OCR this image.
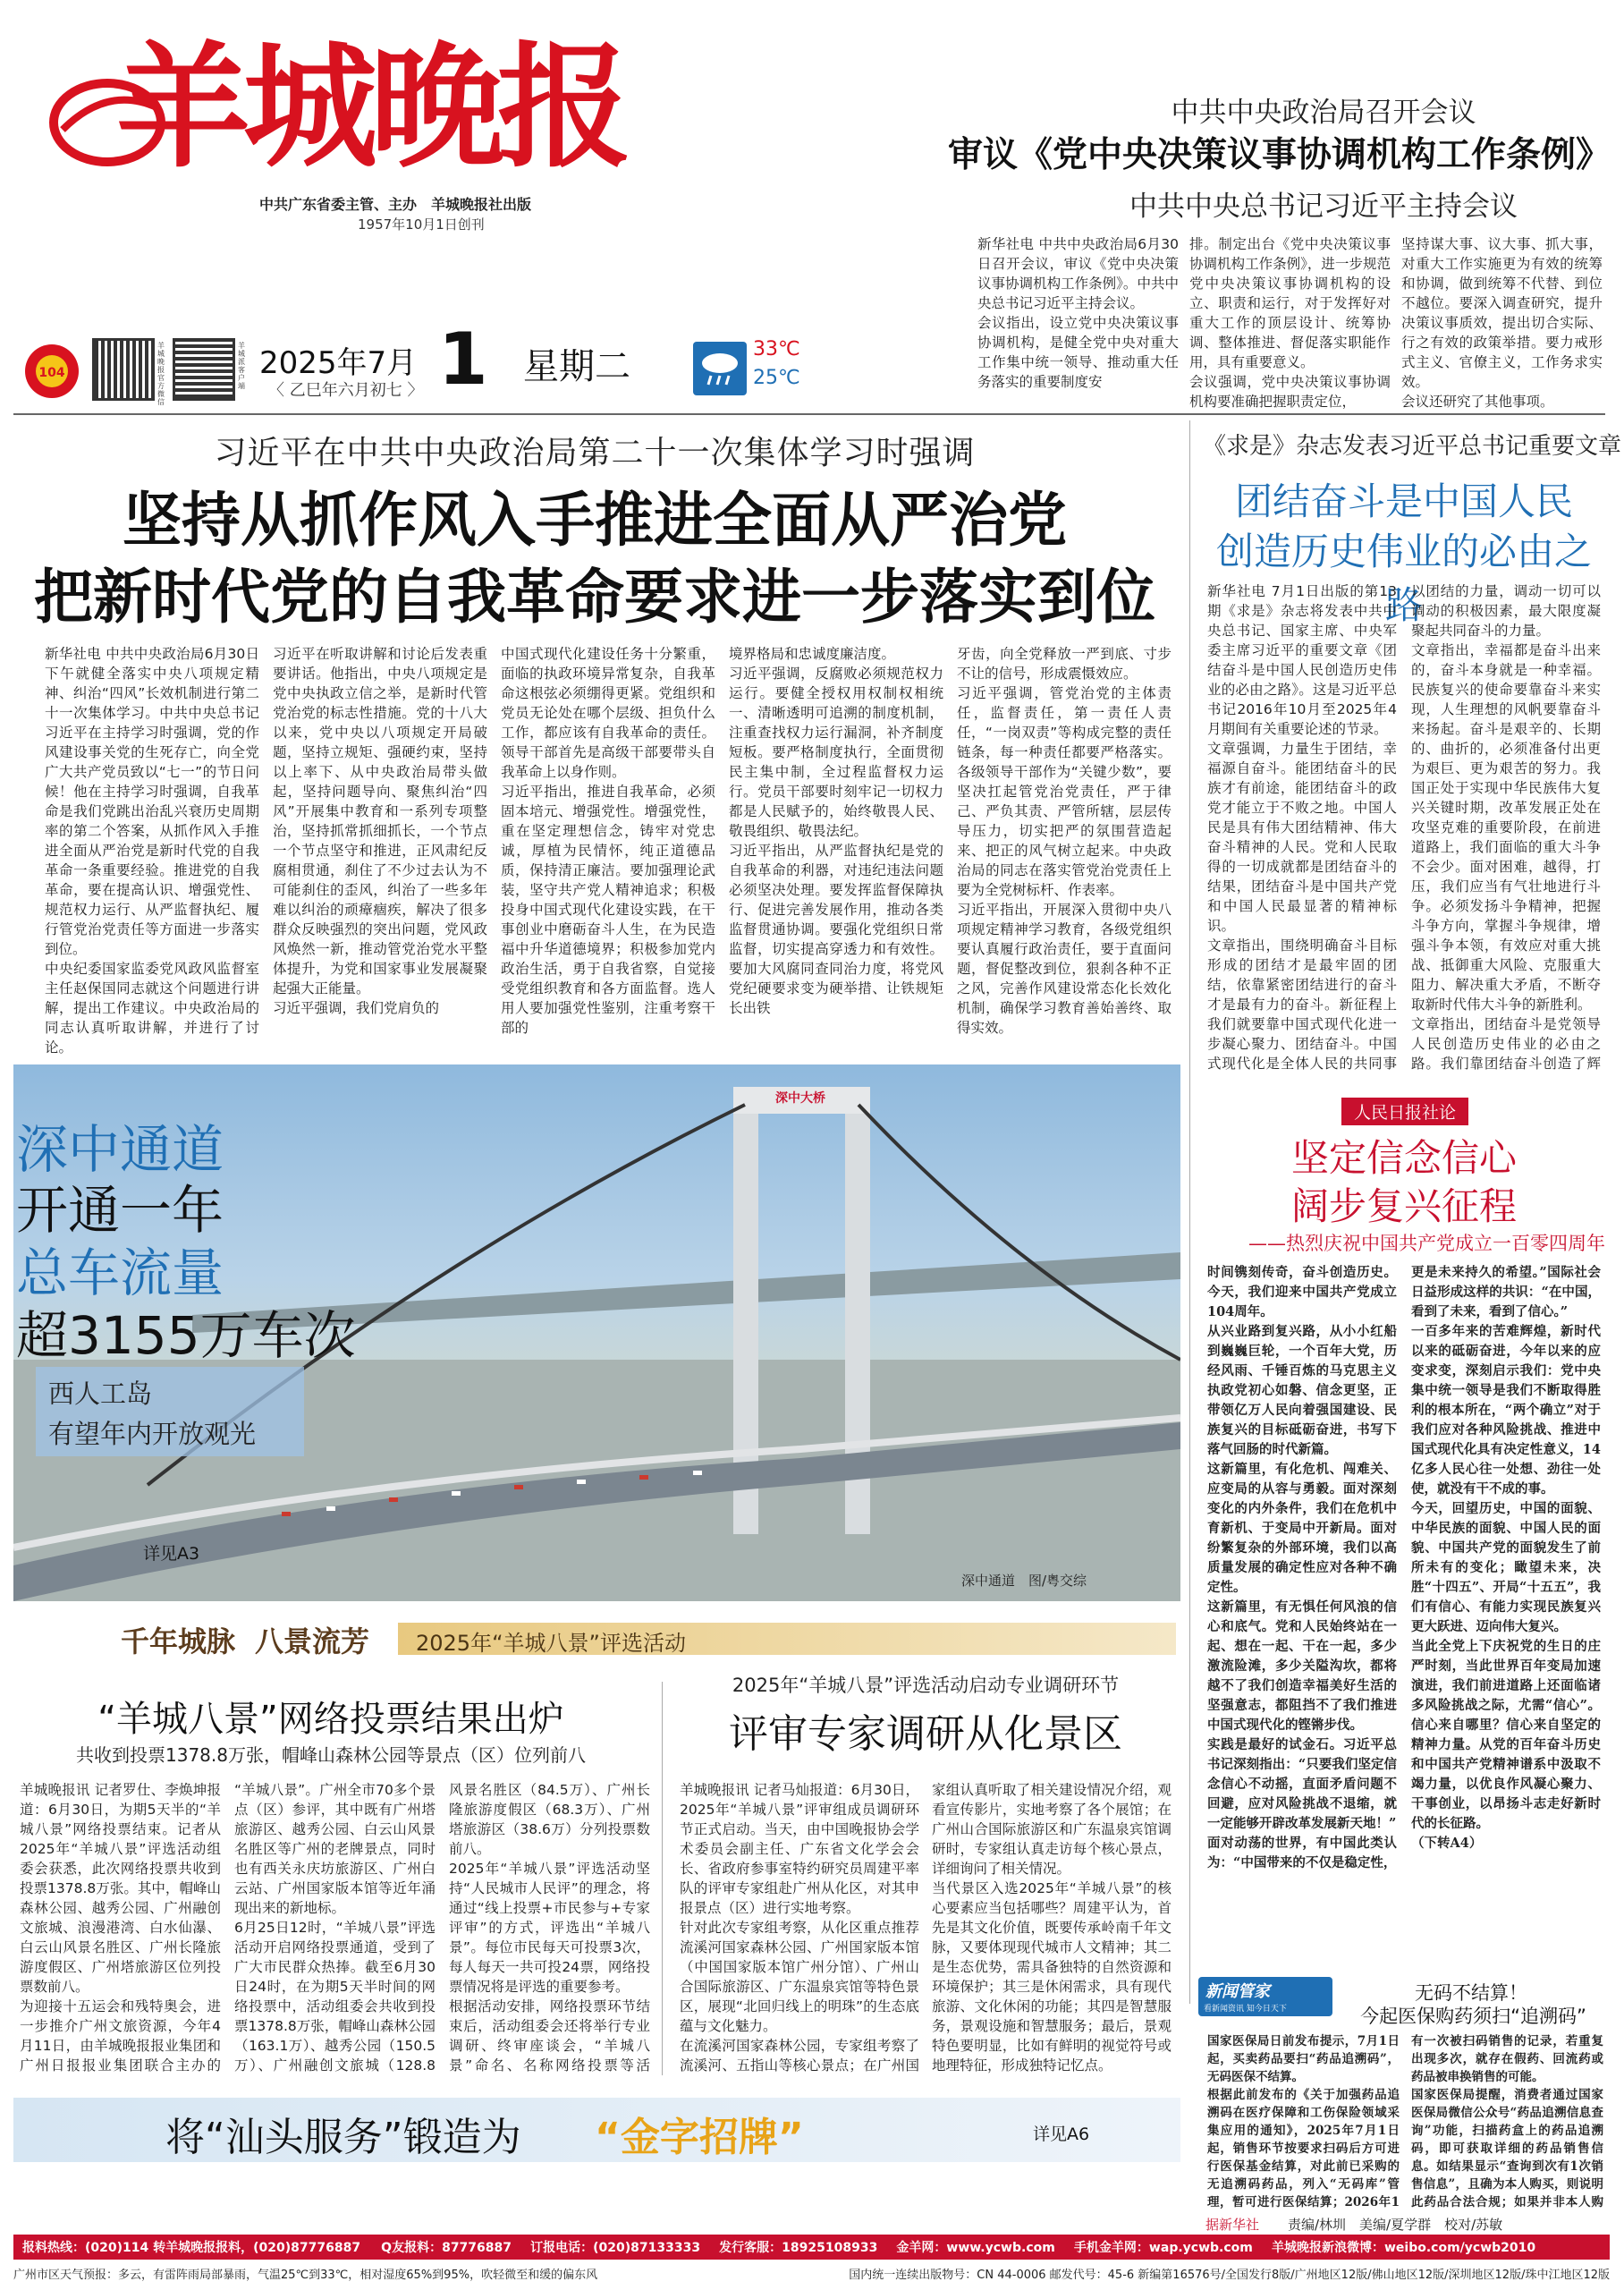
羊城晚报
中共广东省委主管、主办　羊城晚报社出版
1957年10月1日创刊
中共中央政治局召开会议
审议《党中央决策议事协调机构工作条例》
中共中央总书记习近平主持会议
新华社电 中共中央政治局6月30日召开会议，审议《党中央决策议事协调机构工作条例》。中共中央总书记习近平主持会议。
会议指出，设立党中央决策议事协调机构，是健全党中央对重大工作集中统一领导、推动重大任务落实的重要制度安
排。制定出台《党中央决策议事协调机构工作条例》，进一步规范党中央决策议事协调机构的设立、职责和运行，对于发挥好对重大工作的顶层设计、统筹协调、整体推进、督促落实职能作用，具有重要意义。
会议强调，党中央决策议事协调机构要准确把握职责定位，
坚持谋大事、议大事、抓大事，对重大工作实施更为有效的统筹和协调，做到统筹不代替、到位不越位。要深入调查研究，提升决策议事质效，提出切合实际、行之有效的政策举措。要力戒形式主义、官僚主义，工作务求实效。
会议还研究了其他事项。
104
羊城晚报官方微信
羊城派客户端
2025年7月
〈 乙巳年六月初七 〉 1 星期二	33℃
25℃
习近平在中共中央政治局第二十一次集体学习时强调
坚持从抓作风入手推进全面从严治党
把新时代党的自我革命要求进一步落实到位
新华社电 中共中央政治局6月30日下午就健全落实中央八项规定精神、纠治“四风”长效机制进行第二十一次集体学习。中共中央总书记习近平在主持学习时强调，党的作风建设事关党的生死存亡，向全党广大共产党员致以“七一”的节日问候！他在主持学习时强调，自我革命是我们党跳出治乱兴衰历史周期率的第二个答案，从抓作风入手推进全面从严治党是新时代党的自我革命一条重要经验。推进党的自我革命，要在提高认识、增强党性、规范权力运行、从严监督执纪、履行管党治党责任等方面进一步落实到位。
中央纪委国家监委党风政风监督室主任赵保国同志就这个问题进行讲解，提出工作建议。中央政治局的同志认真听取讲解，并进行了讨论。
习近平在听取讲解和讨论后发表重要讲话。他指出，中央八项规定是党中央执政立信之举，是新时代管党治党的标志性措施。党的十八大以来，党中央以八项规定开局破题，坚持立规矩、强硬约束，坚持以上率下、从中央政治局带头做起，坚持问题导向、聚焦纠治“四风”开展集中教育和一系列专项整治，坚持抓常抓细抓长，一个节点一个节点坚守和推进，正风肃纪反腐相贯通，刹住了不少过去认为不可能刹住的歪风，纠治了一些多年难以纠治的顽瘴痼疾，解决了很多群众反映强烈的突出问题，党风政风焕然一新，推动管党治党水平整体提升，为党和国家事业发展凝聚起强大正能量。
习近平强调，我们党肩负的
中国式现代化建设任务十分繁重，面临的执政环境异常复杂，自我革命这根弦必须绷得更紧。党组织和党员无论处在哪个层级、担负什么工作，都应该有自我革命的责任。领导干部首先是高级干部要带头自我革命上以身作则。
习近平指出，推进自我革命，必须固本培元、增强党性。增强党性，重在坚定理想信念，铸牢对党忠诚，厚植为民情怀，纯正道德品质，保持清正廉洁。要加强理论武装，坚守共产党人精神追求；积极投身中国式现代化建设实践，在干事创业中磨砺奋斗人生，在为民造福中升华道德境界；积极参加党内政治生活，勇于自我省察，自觉接受党组织教育和各方面监督。选人用人要加强党性鉴别，注重考察干部的
境界格局和忠诚度廉洁度。
习近平强调，反腐败必须规范权力运行。要健全授权用权制权相统一、清晰透明可追溯的制度机制，注重查找权力运行漏洞，补齐制度短板。要严格制度执行，全面贯彻民主集中制，全过程监督权力运行。党员干部要时刻牢记一切权力都是人民赋予的，始终敬畏人民、敬畏组织、敬畏法纪。
习近平指出，从严监督执纪是党的自我革命的利器，对违纪违法问题必须坚决处理。要发挥监督保障执行、促进完善发展作用，推动各类监督贯通协调。要强化党组织日常监督，切实提高穿透力和有效性。要加大风腐同查同治力度，将党风党纪硬要求变为硬举措、让铁规矩长出铁
牙齿，向全党释放一严到底、寸步不让的信号，形成震慑效应。
习近平强调，管党治党的主体责任，监督责任，第一责任人责任，“一岗双责”等构成完整的责任链条，每一种责任都要严格落实。各级领导干部作为“关键少数”，要坚决扛起管党治党责任，严于律己、严负其责、严管所辖，层层传导压力，切实把严的氛围营造起来、把正的风气树立起来。中央政治局的同志在落实管党治党责任上要为全党树标杆、作表率。
习近平指出，开展深入贯彻中央八项规定精神学习教育，各级党组织要认真履行政治责任，要于直面问题，督促整改到位，狠刹各种不正之风，完善作风建设常态化长效化机制，确保学习教育善始善终、取得实效。
《求是》杂志发表习近平总书记重要文章
团结奋斗是中国人民
创造历史伟业的必由之路
新华社电 7月1日出版的第13期《求是》杂志将发表中共中央总书记、国家主席、中央军委主席习近平的重要文章《团结奋斗是中国人民创造历史伟业的必由之路》。这是习近平总书记2016年10月至2025年4月期间有关重要论述的节录。
文章强调，力量生于团结，幸福源自奋斗。能团结奋斗的民族才有前途，能团结奋斗的政党才能立于不败之地。中国人民是具有伟大团结精神、伟大奋斗精神的人民。党和人民取得的一切成就都是团结奋斗的结果，团结奋斗是中国共产党和中国人民最显著的精神标识。
文章指出，围绕明确奋斗目标形成的团结才是最牢固的团结，依靠紧密团结进行的奋斗才是最有力的奋斗。新征程上我们就要靠中国式现代化进一步凝心聚力、团结奋斗。中国式现代化是全体人民的共同事
以团结的力量，调动一切可以调动的积极因素，最大限度凝聚起共同奋斗的力量。
文章指出，幸福都是奋斗出来的，奋斗本身就是一种幸福。民族复兴的使命要靠奋斗来实现，人生理想的风帆要靠奋斗来扬起。奋斗是艰辛的、长期的、曲折的，必须准备付出更为艰巨、更为艰苦的努力。我国正处于实现中华民族伟大复兴关键时期，改革发展正处在攻坚克难的重要阶段，在前进道路上，我们面临的重大斗争不会少。面对困难，越得，打压，我们应当有气壮地进行斗争。必须发扬斗争精神，把握斗争方向，掌握斗争规律，增强斗争本领，有效应对重大挑战、抵御重大风险、克服重大阻力、解决重大矛盾，不断夺取新时代伟大斗争的新胜利。
文章指出，团结奋斗是党领导人民创造历史伟业的必由之路。我们靠团结奋斗创造了辉
深中大桥
深中通道
开通一年
总车流量
超3155万车次
西人工岛
有望年内开放观光
详见A3
深中通道　图/粤交综
人民日报社论
坚定信念信心
阔步复兴征程
——热烈庆祝中国共产党成立一百零四周年
时间镌刻传奇，奋斗创造历史。今天，我们迎来中国共产党成立104周年。
从兴业路到复兴路，从小小红船到巍巍巨轮，一个百年大党，历经风雨、千锤百炼的马克思主义执政党初心如磐、信念更坚，正带领亿万人民向着强国建设、民族复兴的目标砥砺奋进，书写下落气回肠的时代新篇。
这新篇里，有化危机、闯难关、应变局的从容与勇毅。面对深刻变化的内外条件，我们在危机中育新机、于变局中开新局。面对纷繁复杂的外部环境，我们以高质量发展的确定性应对各种不确定性。
这新篇里，有无惧任何风浪的信心和底气。党和人民始终站在一起、想在一起、干在一起，多少激流险滩，多少关隘沟坎，都将越不了我们创造幸福美好生活的坚强意志，都阻挡不了我们推进中国式现代化的铿锵步伐。
实践是最好的试金石。习近平总书记深刻指出：“只要我们坚定信念信心不动摇，直面矛盾问题不回避，应对风险挑战不退缩，就一定能够开辟改革发展新天地！”
面对动荡的世界，有中国此类认为：“中国带来的不仅是稳定性，
更是未来持久的希望。”国际社会日益形成这样的共识：“在中国，看到了未来，看到了信心。”
一百多年来的苦难辉煌，新时代以来的砥砺奋进，今年以来的应变求变，深刻启示我们：党中央集中统一领导是我们不断取得胜利的根本所在，“两个确立”对于我们应对各种风险挑战、推进中国式现代化具有决定性意义，14亿多人民心往一处想、劲往一处使，就没有干不成的事。
今天，回望历史，中国的面貌、中华民族的面貌、中国人民的面貌、中国共产党的面貌发生了前所未有的变化；瞰望未来，决胜“十四五”、开局“十五五”，我们有信心、有能力实现民族复兴更大跃进、迈向伟大复兴。
当此全党上下庆祝党的生日的庄严时刻，当此世界百年变局加速演进，我们前进道路上还面临诸多风险挑战之际，尤需“信心”。信心来自哪里？信心来自坚定的精神力量。从党的百年奋斗历史和中国共产党精神谱系中汲取不竭力量，以优良作风凝心聚力、干事创业，以昂扬斗志走好新时代的长征路。
（下转A4）
千年城脉 八景流芳 2025年“羊城八景”评选活动
“羊城八景”网络投票结果出炉
共收到投票1378.8万张，帽峰山森林公园等景点（区）位列前八
羊城晚报讯 记者罗仕、李焕坤报道：6月30日，为期5天半的“羊城八景”网络投票结束。记者从2025年“羊城八景”评选活动组委会获悉，此次网络投票共收到投票1378.8万张。其中，帽峰山森林公园、越秀公园、广州融创文旅城、浪漫港湾、白水仙瀑、白云山风景名胜区、广州长隆旅游度假区、广州塔旅游区位列投票数前八。
为迎接十五运会和残特奥会，进一步推介广州文旅资源，今年4月11日，由羊城晚报报业集团和广州日报报业集团联合主办的
“羊城八景”。广州全市70多个景点（区）参评，其中既有广州塔旅游区、越秀公园、白云山风景名胜区等广州的老牌景点，同时也有西关永庆坊旅游区、广州白云站、广州国家版本馆等近年涌现出来的新地标。
6月25日12时，“羊城八景”评选活动开启网络投票通道，受到了广大市民群众热捧。截至6月30日24时，在为期5天半时间的网络投票中，活动组委会共收到投票1378.8万张，帽峰山森林公园（163.1万）、越秀公园（150.5万）、广州融创文旅城（128.8
风景名胜区（84.5万）、广州长隆旅游度假区（68.3万）、广州塔旅游区（38.6万）分列投票数前八。
2025年“羊城八景”评选活动坚持“人民城市人民评”的理念，将通过“线上投票+市民参与+专家评审”的方式，评选出“羊城八景”。每位市民每天可投票3次，每人每天一共可投24票，网络投票情况将是评选的重要参考。
根据活动安排，网络投票环节结束后，活动组委会还将举行专业调研、终审座谈会，“羊城八景”命名、名称网络投票等活
2025年“羊城八景”评选活动启动专业调研环节
评审专家调研从化景区
羊城晚报讯 记者马灿报道：6月30日，2025年“羊城八景”评审组成员调研环节正式启动。当天，由中国晚报协会学术委员会副主任、广东省文化学会会长、省政府参事室特约研究员周建平率队的评审专家组赴广州从化区，对其申报景点（区）进行实地考察。
针对此次专家组考察，从化区重点推荐流溪河国家森林公园、广州国家版本馆（中国国家版本馆广州分馆）、广州山合国际旅游区、广东温泉宾馆等特色景区，展现“北回归线上的明珠”的生态底蕴与文化魅力。
在流溪河国家森林公园，专家组考察了流溪河、五指山等核心景点；在广州国
家组认真听取了相关建设情况介绍，观看宣传影片，实地考察了各个展馆；在广州山合国际旅游区和广东温泉宾馆调研时，专家组认真走访每个核心景点，详细询问了相关情况。
当代景区入选2025年“羊城八景”的核心要素应当包括哪些？周建平认为，首先是其文化价值，既要传承岭南千年文脉，又要体现现代城市人文精神；其二是生态优势，需具备独特的自然资源和环境保护；其三是休闲需求，具有现代旅游、文化休闲的功能；其四是智慧服务，景观设施和智慧服务；最后，景观特色要明显，比如有鲜明的视觉符号或地理特征，形成独特记忆点。
新闻管家
看新闻资讯 知今日天下
无码不结算！
今起医保购药须扫“追溯码”
国家医保局日前发布提示，7月1日起，买卖药品要扫“药品追溯码”，无码医保不结算。
根据此前发布的《关于加强药品追溯码在医疗保障和工伤保险领域采集应用的通知》，2025年7月1日起，销售环节按要求扫码后方可进行医保基金结算，对此前已采购的无追溯码药品，列入“无码库”管理，暂可进行医保结算；2026年1

有一次被扫码销售的记录，若重复出现多次，就存在假药、回流药或药品被串换销售的可能。
国家医保局提醒，消费者通过国家医保局微信公众号“药品追溯信息查询”功能，扫描药盒上的药品追溯码，即可获取详细的药品销售信息。如结果显示“查询到次有1次销售信息”，且确为本人购买，则说明此药品合法合规；如果并非本人购
据新华社
将“汕头服务”锻造为 “金字招牌”	详见A6
责编/林圳　美编/夏学群　校对/苏敏
报料热线：(020)114 转羊城晚报报料，(020)87776887 Q友报料：87776887 订报电话：(020)87133333 发行客服：18925108933 金羊网：www.ycwb.com 手机金羊网：wap.ycwb.com 羊城晚报新浪微博：weibo.com/ycwb2010
广州市区天气预报：多云，有雷阵雨局部暴雨，气温25℃到33℃，相对湿度65%到95%，吹轻微至和缓的偏东风	国内统一连续出版物号：CN 44-0006 邮发代号：45-6 新编第16576号/全国发行8版/广州地区12版/佛山地区12版/深圳地区12版/珠中江地区12版
